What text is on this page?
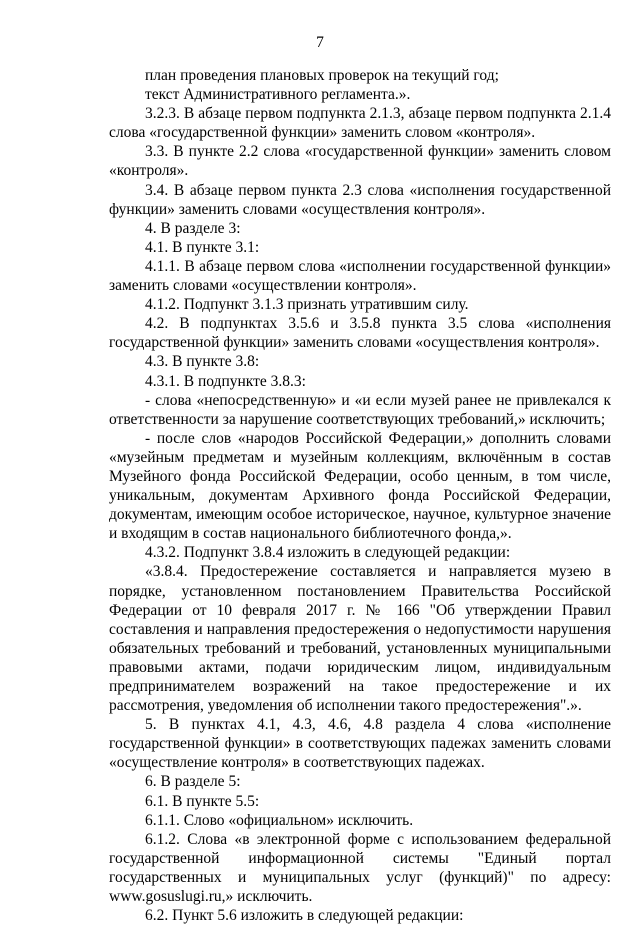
7

план проведения плановых проверок на текущий год;

текст Административного регламента.».

3.2.3. В абзаце первом подпункта 2.1.3, абзаце первом подпункта 2.1.4 слова «государственной функции» заменить словом «контроля».

3.3. В пункте 2.2 слова «государственной функции» заменить словом «контроля».

3.4. В абзаце первом пункта 2.3 слова «исполнения государственной функции» заменить словами «осуществления контроля».

4. В разделе 3:

4.1. В пункте 3.1:

4.1.1. В абзаце первом слова «исполнении государственной функции» заменить словами «осуществлении контроля».

4.1.2. Подпункт 3.1.3 признать утратившим силу.

4.2. В подпунктах 3.5.6 и 3.5.8 пункта 3.5 слова «исполнения государственной функции» заменить словами «осуществления контроля».

4.3. В пункте 3.8:

4.3.1. В подпункте 3.8.3:

- слова «непосредственную» и «и если музей ранее не привлекался к ответственности за нарушение соответствующих требований,» исключить;

- после слов «народов Российской Федерации,» дополнить словами «музейным предметам и музейным коллекциям, включённым в состав Музейного фонда Российской Федерации, особо ценным, в том числе, уникальным, документам Архивного фонда Российской Федерации, документам, имеющим особое историческое, научное, культурное значение и входящим в состав национального библиотечного фонда,».

4.3.2. Подпункт 3.8.4 изложить в следующей редакции:

«3.8.4. Предостережение составляется и направляется музею в порядке, установленном постановлением Правительства Российской Федерации от 10 февраля 2017 г. № 166 "Об утверждении Правил составления и направления предостережения о недопустимости нарушения обязательных требований и требований, установленных муниципальными правовыми актами, подачи юридическим лицом, индивидуальным предпринимателем возражений на такое предостережение и их рассмотрения, уведомления об исполнении такого предостережения".».

5. В пунктах 4.1, 4.3, 4.6, 4.8 раздела 4 слова «исполнение государственной функции» в соответствующих падежах заменить словами «осуществление контроля» в соответствующих падежах.

6. В разделе 5:

6.1. В пункте 5.5:

6.1.1. Слово «официальном» исключить.

6.1.2. Слова «в электронной форме с использованием федеральной государственной информационной системы "Единый портал государственных и муниципальных услуг (функций)" по адресу: www.gosuslugi.ru,» исключить.

6.2. Пункт 5.6 изложить в следующей редакции:
